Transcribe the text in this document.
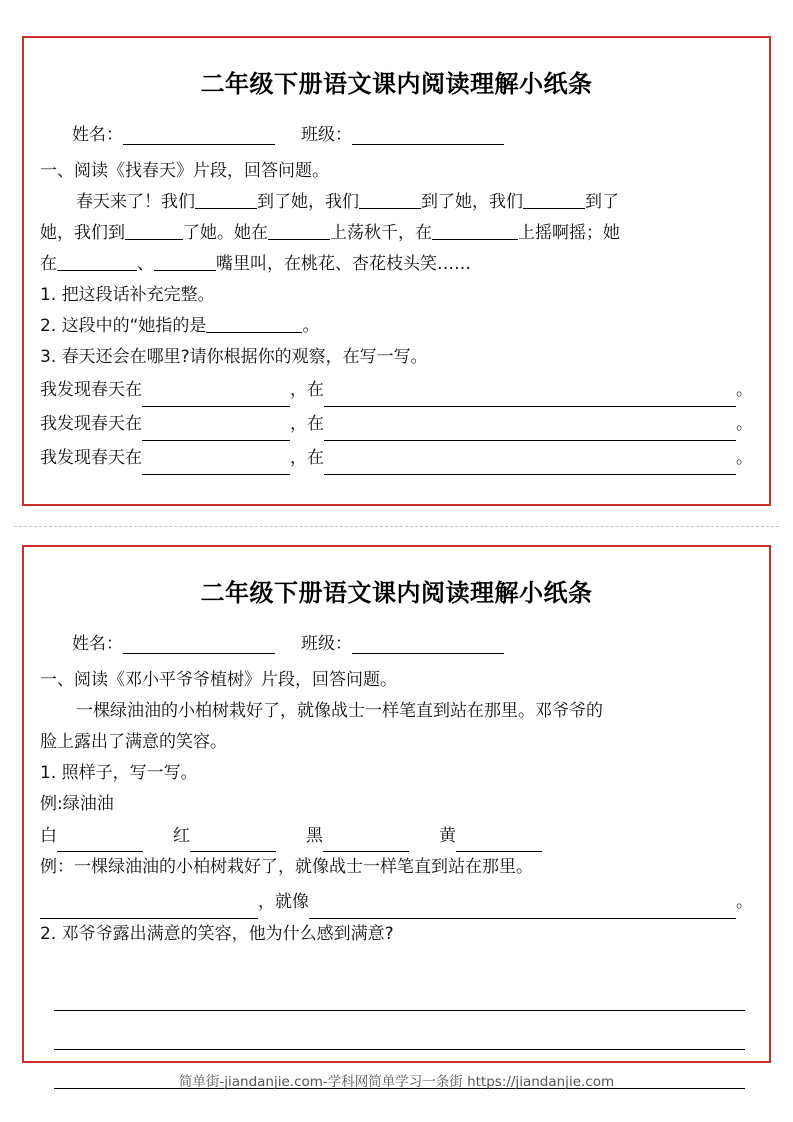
二年级下册语文课内阅读理解小纸条
姓名：	班级：
一、阅读《找春天》片段，回答问题。
春天来了！我们	到了她，我们	到了她，我们	到了
她，我们到	了她。她在	上荡秋千，在	上摇啊摇；她
在	、	嘴里叫，在桃花、杏花枝头笑……
1. 把这段话补充完整。
2. 这段中的“她指的是	。
3. 春天还会在哪里?请你根据你的观察，在写一写。
我发现春天在	，在	。
我发现春天在	，在	。
我发现春天在	，在	。
二年级下册语文课内阅读理解小纸条
姓名：	班级：
一、阅读《邓小平爷爷植树》片段，回答问题。
一棵绿油油的小柏树栽好了，就像战士一样笔直到站在那里。邓爷爷的
脸上露出了满意的笑容。
1. 照样子，写一写。
例:绿油油
白	红	黑	黄
例：一棵绿油油的小柏树栽好了，就像战士一样笔直到站在那里。
，就像	。
2. 邓爷爷露出满意的笑容，他为什么感到满意?
简单街-jiandanjie.com-学科网简单学习一条街 https://jiandanjie.com
